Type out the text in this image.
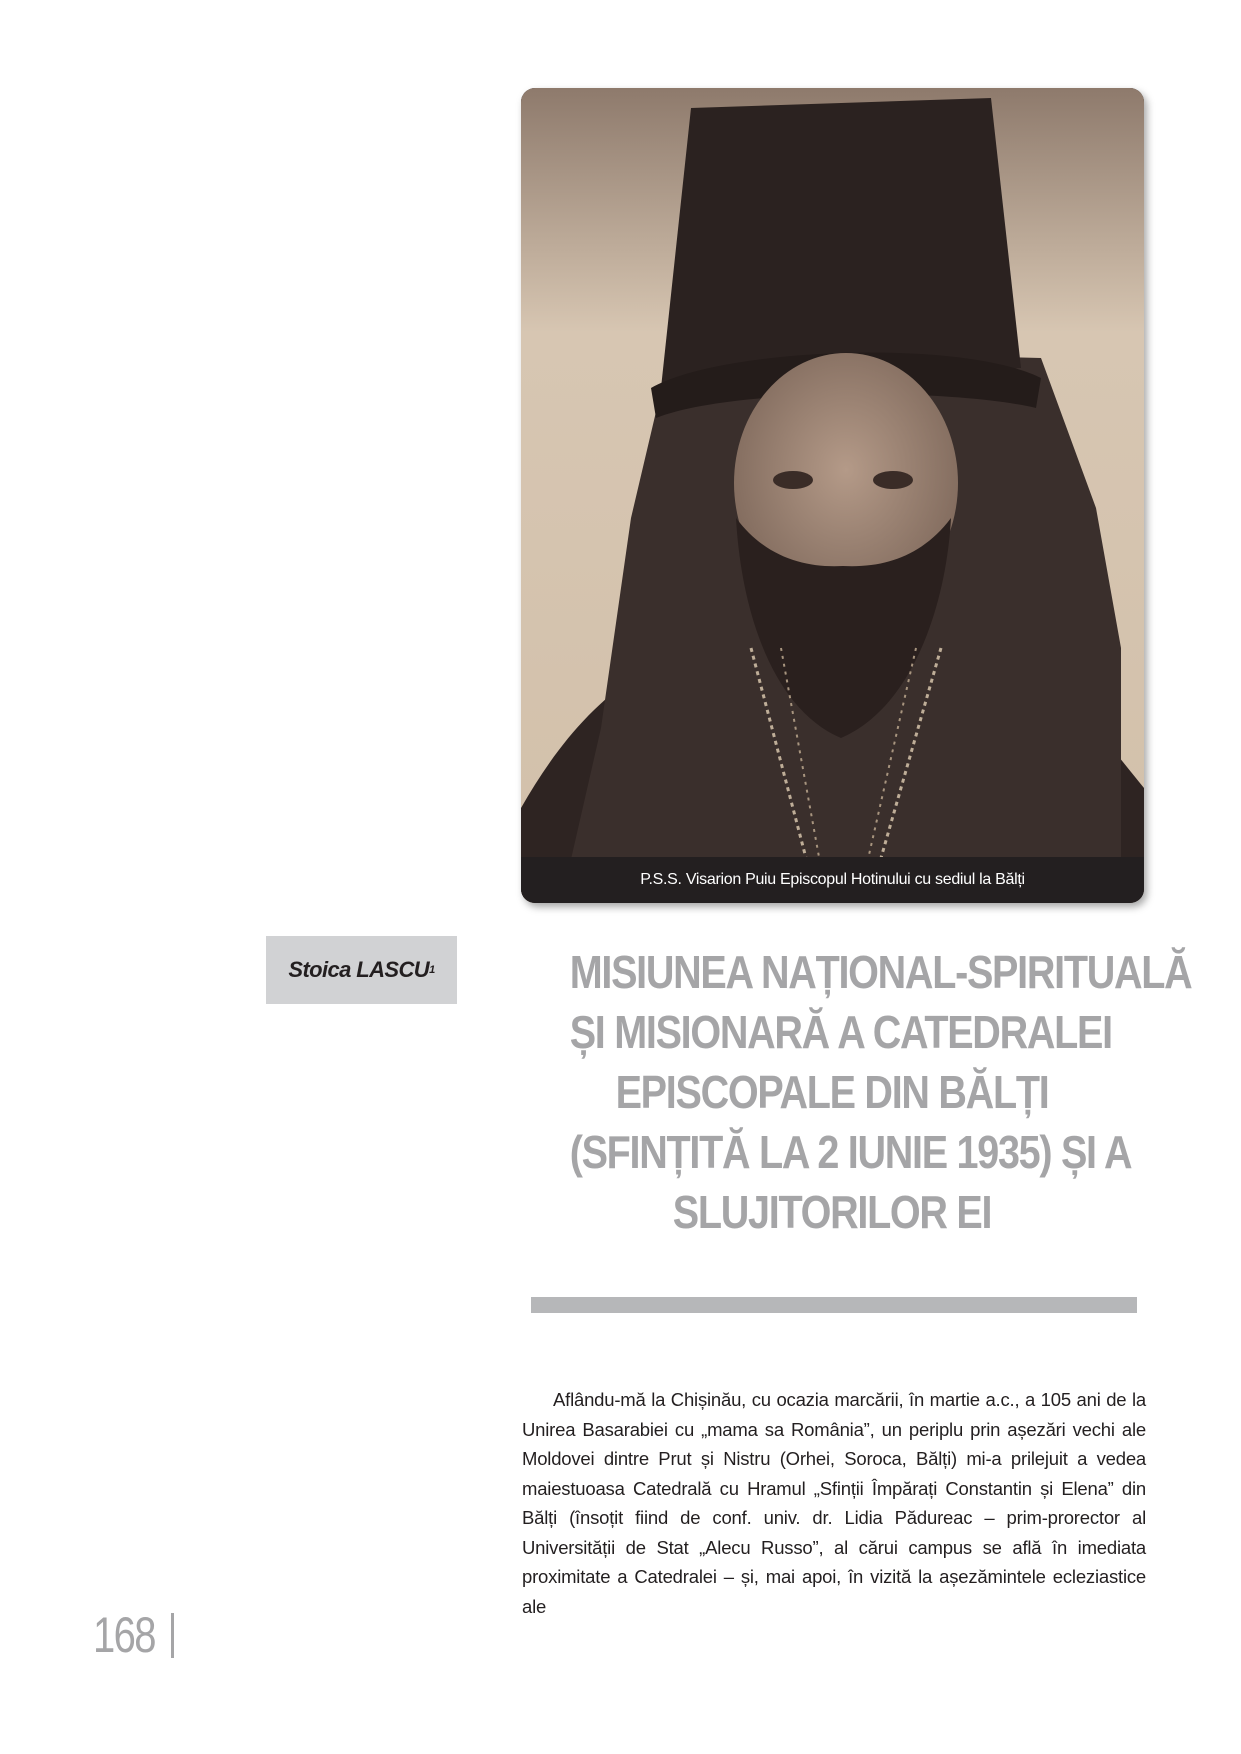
P.S.S. Visarion Puiu Episcopul Hotinului cu sediul la Bălți
Stoica LASCU 1	MISIUNEA NAȚIONAL-SPIRITUALĂ
ȘI MISIONARĂ A CATEDRALEI
EPISCOPALE DIN BĂLȚI
(SFINȚITĂ LA 2 IUNIE 1935) ȘI A
SLUJITORILOR EI

Aflându-mă la Chișinău, cu ocazia marcării, în martie a.c., a 105 ani de la Unirea Basarabiei cu „mama sa România”, un periplu prin așezări vechi ale Moldovei dintre Prut și Nistru (Orhei, Soroca, Bălți) mi-a prilejuit a vedea maiestuoasa Catedrală cu Hramul „Sfinții Împărați Constantin și Elena” din Bălți (însoțit fiind de conf. univ. dr. Lidia Pădureac – prim-prorector al Universității de Stat „Alecu Russo”, al cărui campus se află în imediata proximitate a Catedralei – și, mai apoi, în vizită la așezămintele ecleziastice ale

168
